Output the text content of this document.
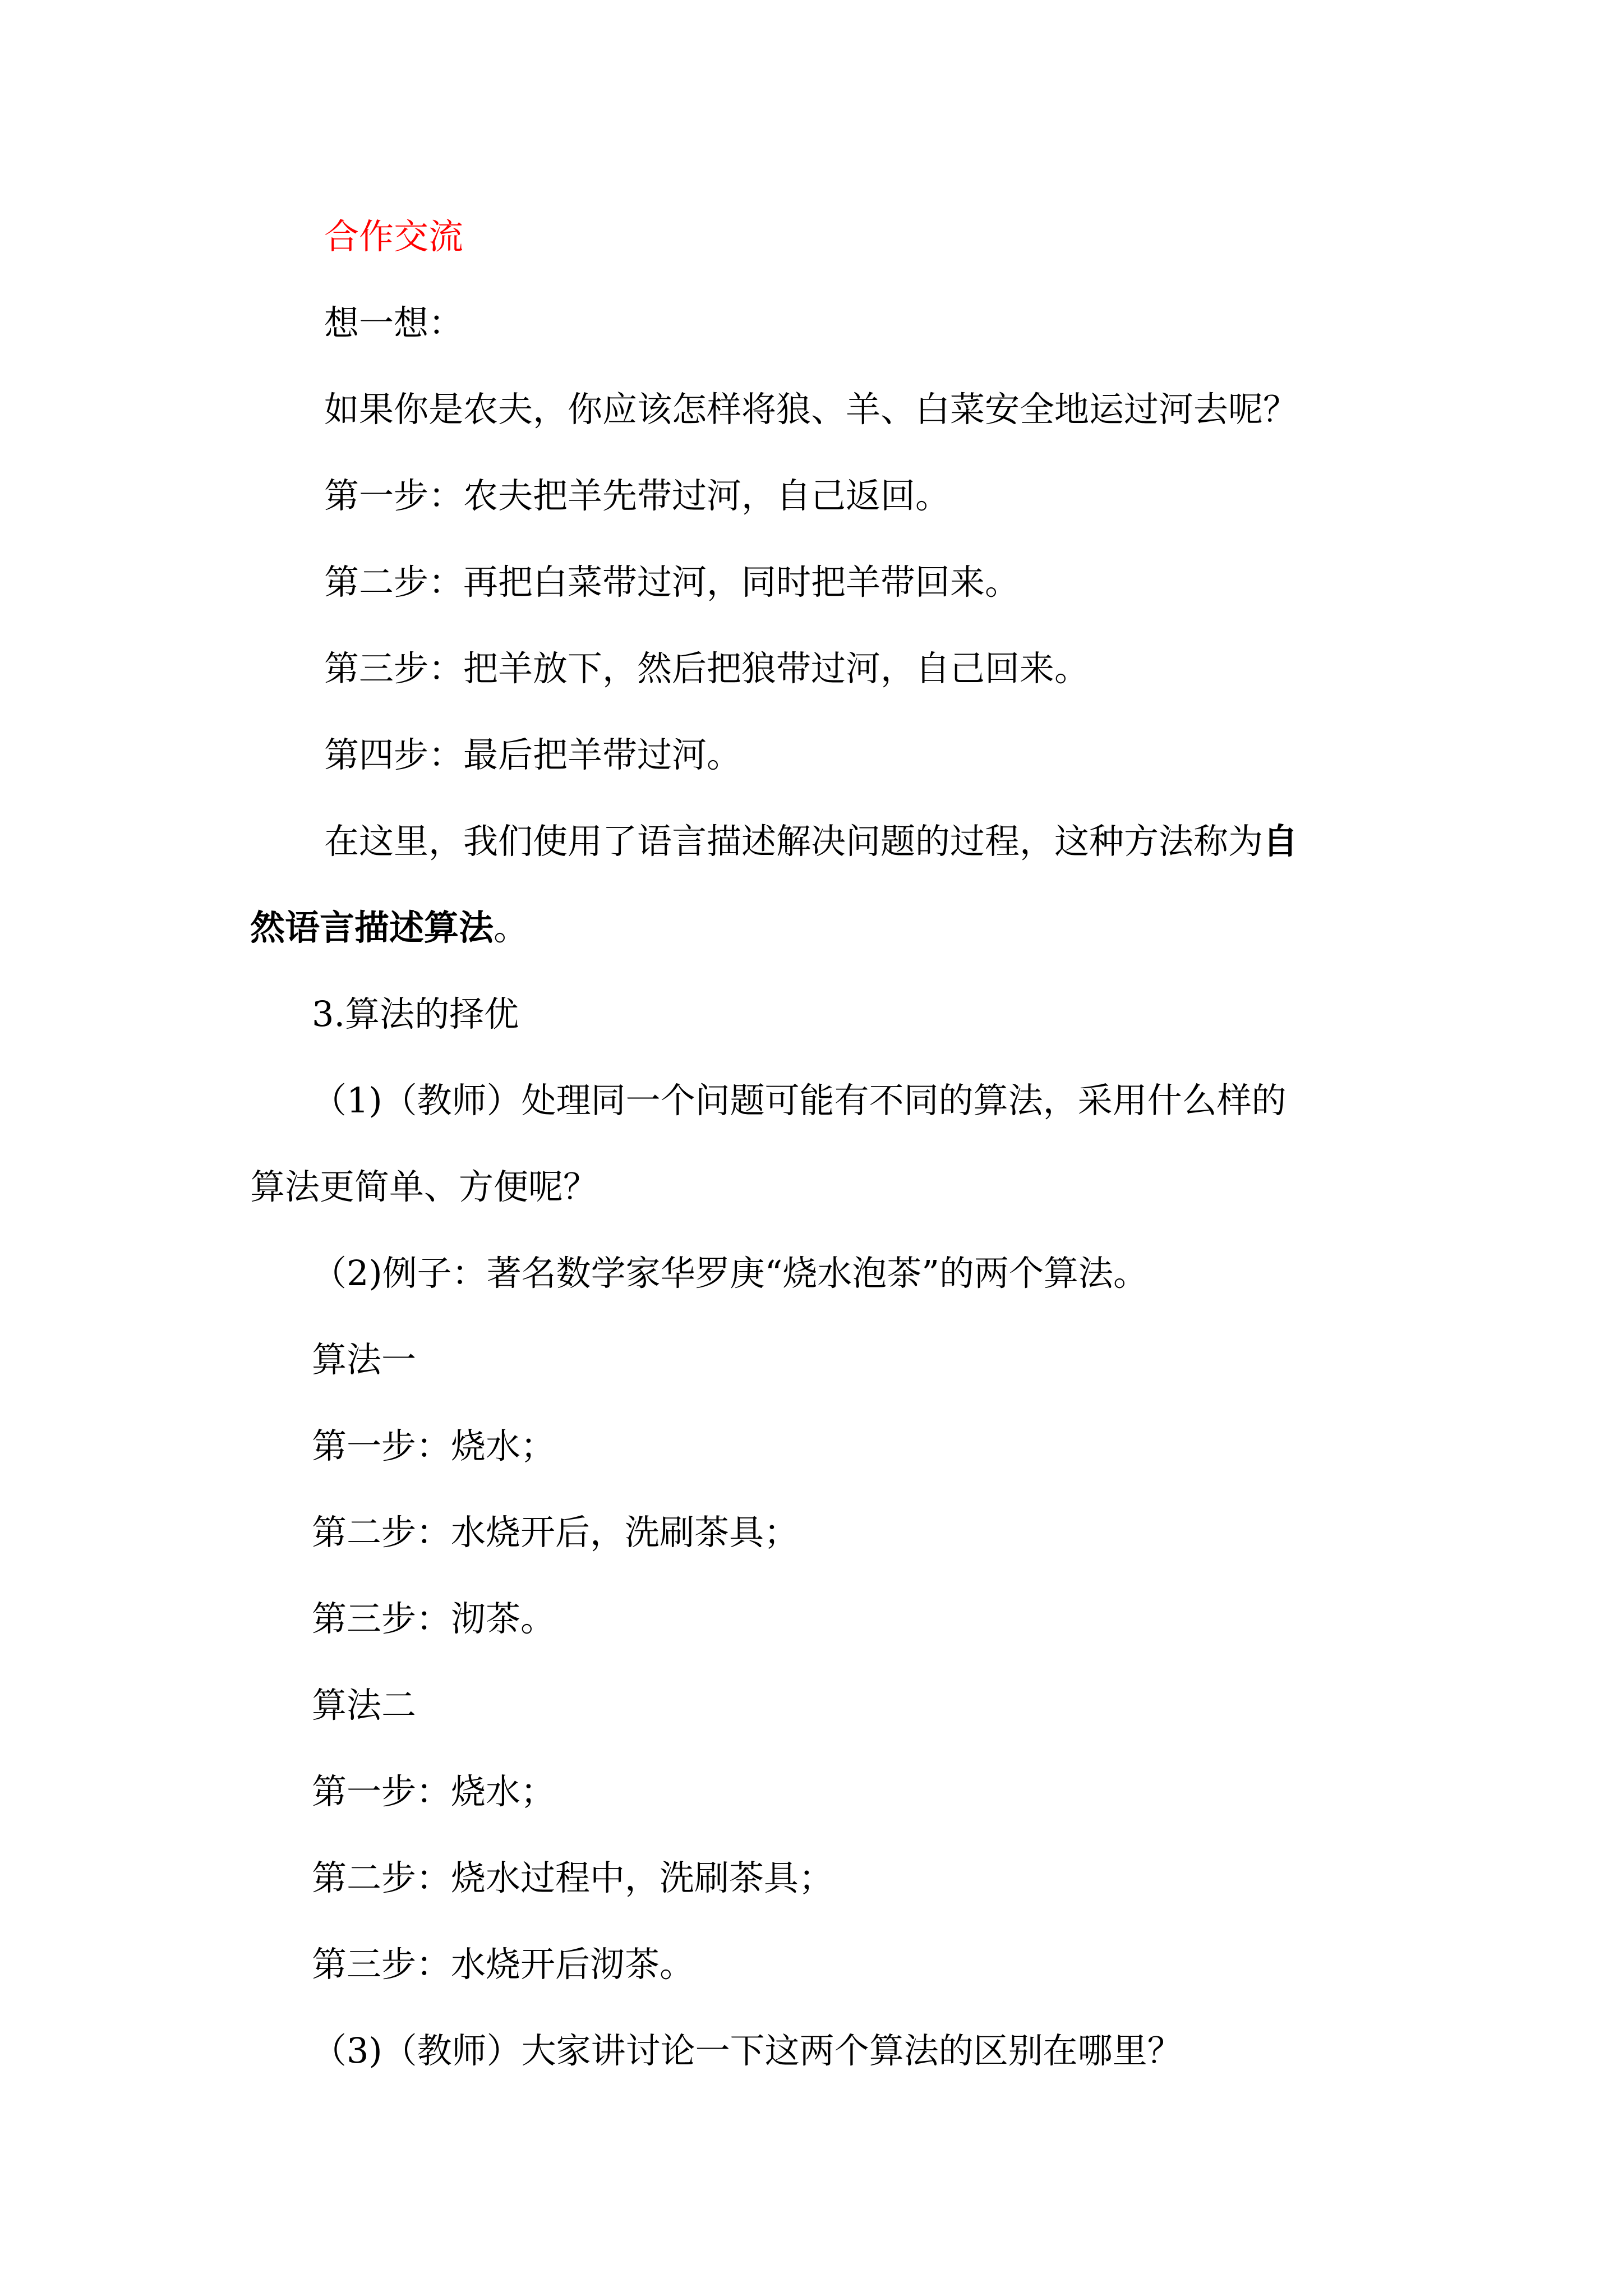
合作交流

想一想：

如果你是农夫，你应该怎样将狼、羊、白菜安全地运过河去呢？

第一步：农夫把羊先带过河，自己返回。

第二步：再把白菜带过河，同时把羊带回来。

第三步：把羊放下，然后把狼带过河，自己回来。

第四步：最后把羊带过河。

在这里，我们使用了语言描述解决问题的过程，这种方法称为自

然语言描述算法。

3.算法的择优

（1)（教师）处理同一个问题可能有不同的算法，采用什么样的

算法更简单、方便呢？

（2)例子：著名数学家华罗庚“烧水泡茶”的两个算法。

算法一

第一步：烧水；

第二步：水烧开后，洗刷茶具；

第三步：沏茶。

算法二

第一步：烧水；

第二步：烧水过程中，洗刷茶具；

第三步：水烧开后沏茶。

（3)（教师）大家讲讨论一下这两个算法的区别在哪里？
